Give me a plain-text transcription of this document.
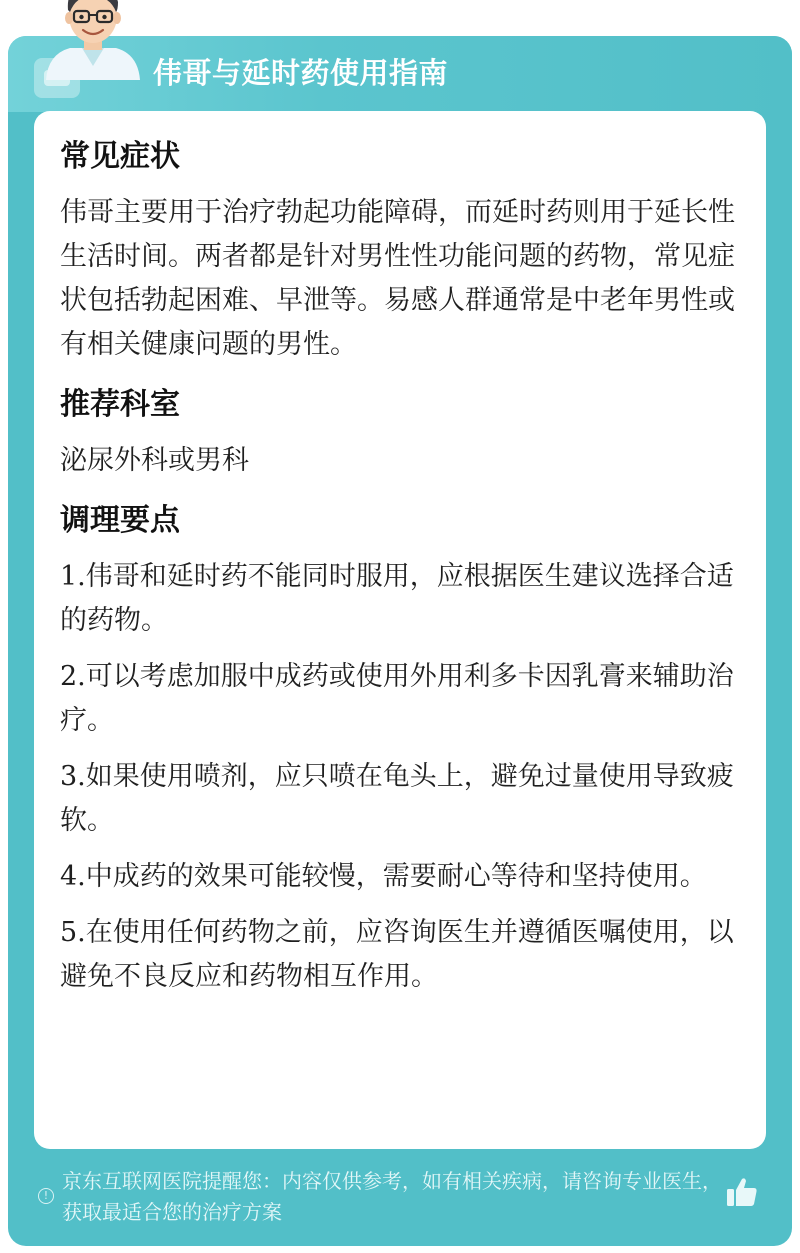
伟哥与延时药使用指南
常见症状
伟哥主要用于治疗勃起功能障碍，而延时药则用于延长性生活时间。两者都是针对男性性功能问题的药物，常见症状包括勃起困难、早泄等。易感人群通常是中老年男性或有相关健康问题的男性。
推荐科室
泌尿外科或男科
调理要点
1.伟哥和延时药不能同时服用，应根据医生建议选择合适的药物。
2.可以考虑加服中成药或使用外用利多卡因乳膏来辅助治疗。
3.如果使用喷剂，应只喷在龟头上，避免过量使用导致疲软。
4.中成药的效果可能较慢，需要耐心等待和坚持使用。
5.在使用任何药物之前，应咨询医生并遵循医嘱使用，以避免不良反应和药物相互作用。
!
京东互联网医院提醒您：内容仅供参考，如有相关疾病，请咨询专业医生，获取最适合您的治疗方案
